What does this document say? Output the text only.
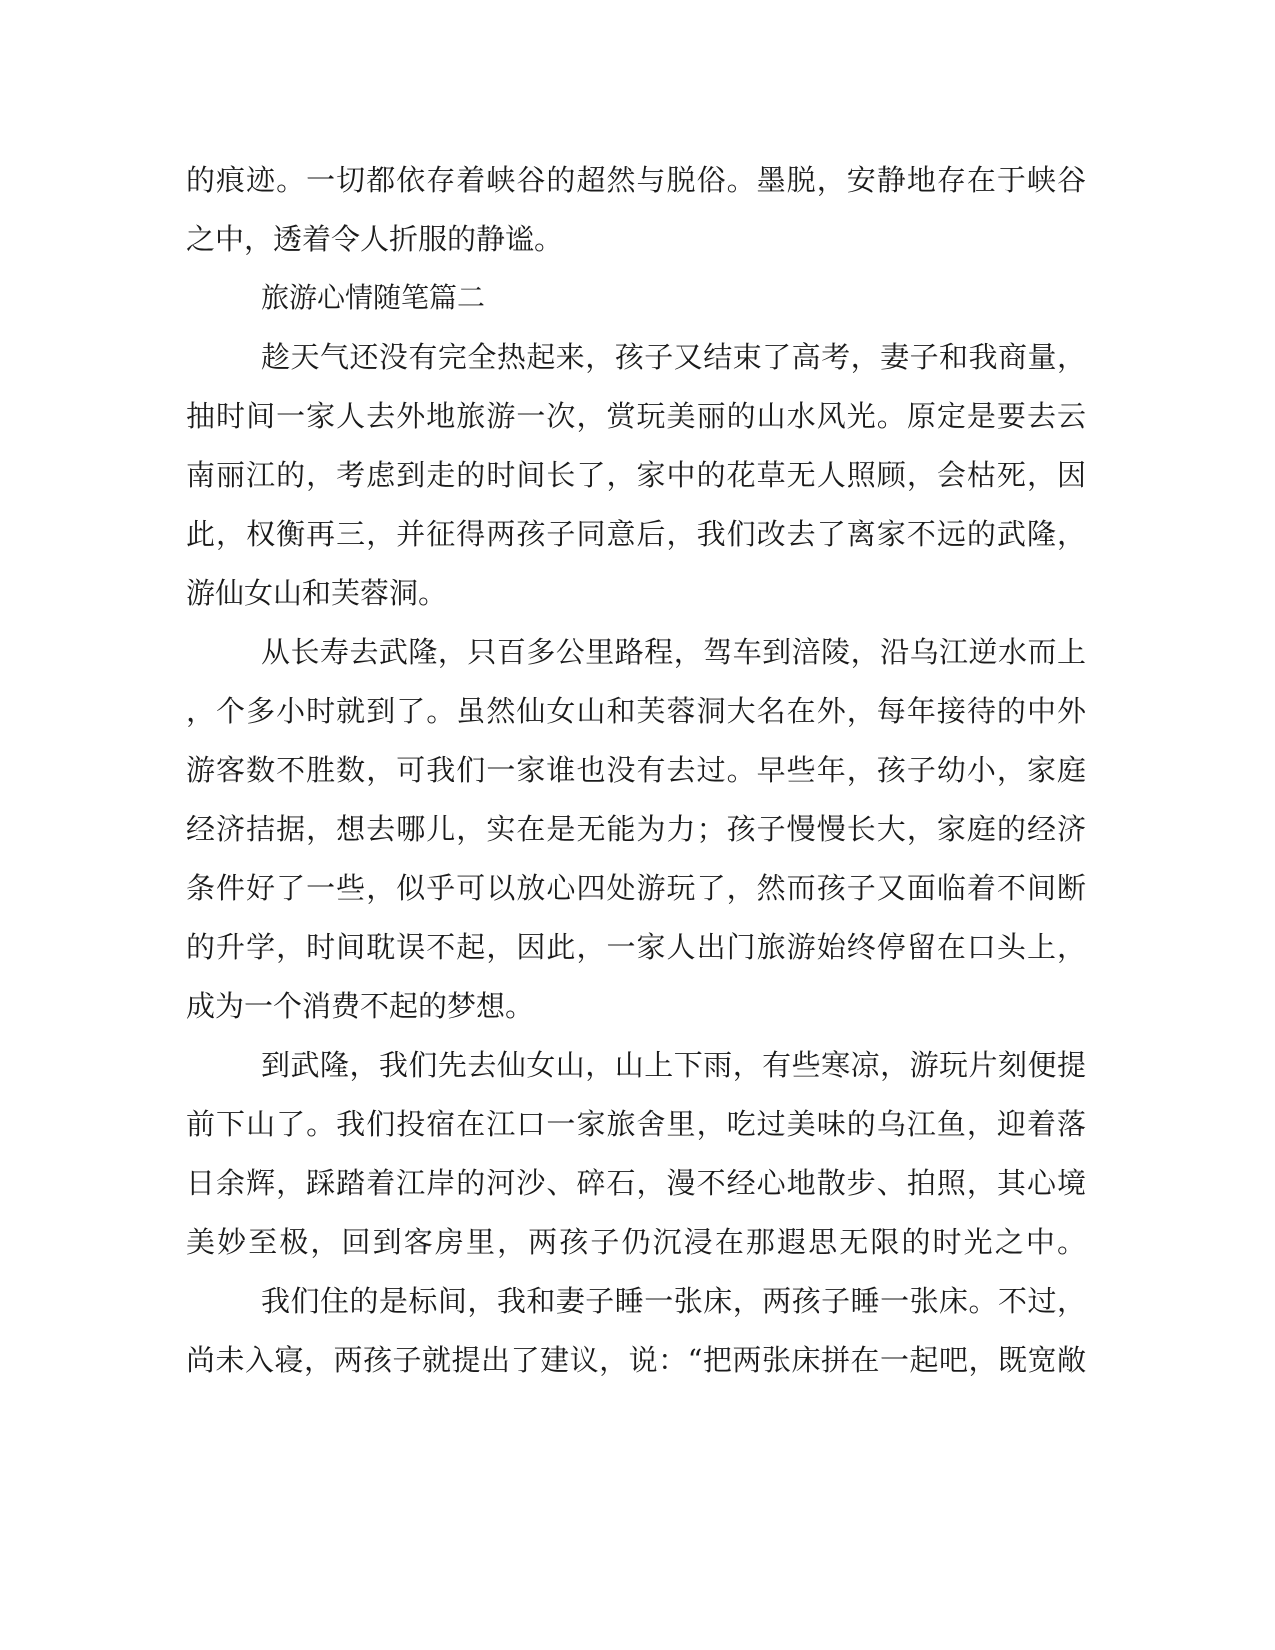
的痕迹。一切都依存着峡谷的超然与脱俗。墨脱，安静地存在于峡谷
之中，透着令人折服的静谧。
旅游心情随笔篇二
趁天气还没有完全热起来，孩子又结束了高考，妻子和我商量，
抽时间一家人去外地旅游一次，赏玩美丽的山水风光。原定是要去云
南丽江的，考虑到走的时间长了，家中的花草无人照顾，会枯死，因
此，权衡再三，并征得两孩子同意后，我们改去了离家不远的武隆，
游仙女山和芙蓉洞。
从长寿去武隆，只百多公里路程，驾车到涪陵，沿乌江逆水而上
，个多小时就到了。虽然仙女山和芙蓉洞大名在外，每年接待的中外
游客数不胜数，可我们一家谁也没有去过。早些年，孩子幼小，家庭
经济拮据，想去哪儿，实在是无能为力；孩子慢慢长大，家庭的经济
条件好了一些，似乎可以放心四处游玩了，然而孩子又面临着不间断
的升学，时间耽误不起，因此，一家人出门旅游始终停留在口头上，
成为一个消费不起的梦想。
到武隆，我们先去仙女山，山上下雨，有些寒凉，游玩片刻便提
前下山了。我们投宿在江口一家旅舍里，吃过美味的乌江鱼，迎着落
日余辉，踩踏着江岸的河沙、碎石，漫不经心地散步、拍照，其心境
美妙至极，回到客房里，两孩子仍沉浸在那遐思无限的时光之中。
我们住的是标间，我和妻子睡一张床，两孩子睡一张床。不过，
尚未入寝，两孩子就提出了建议，说：“把两张床拼在一起吧，既宽敞
